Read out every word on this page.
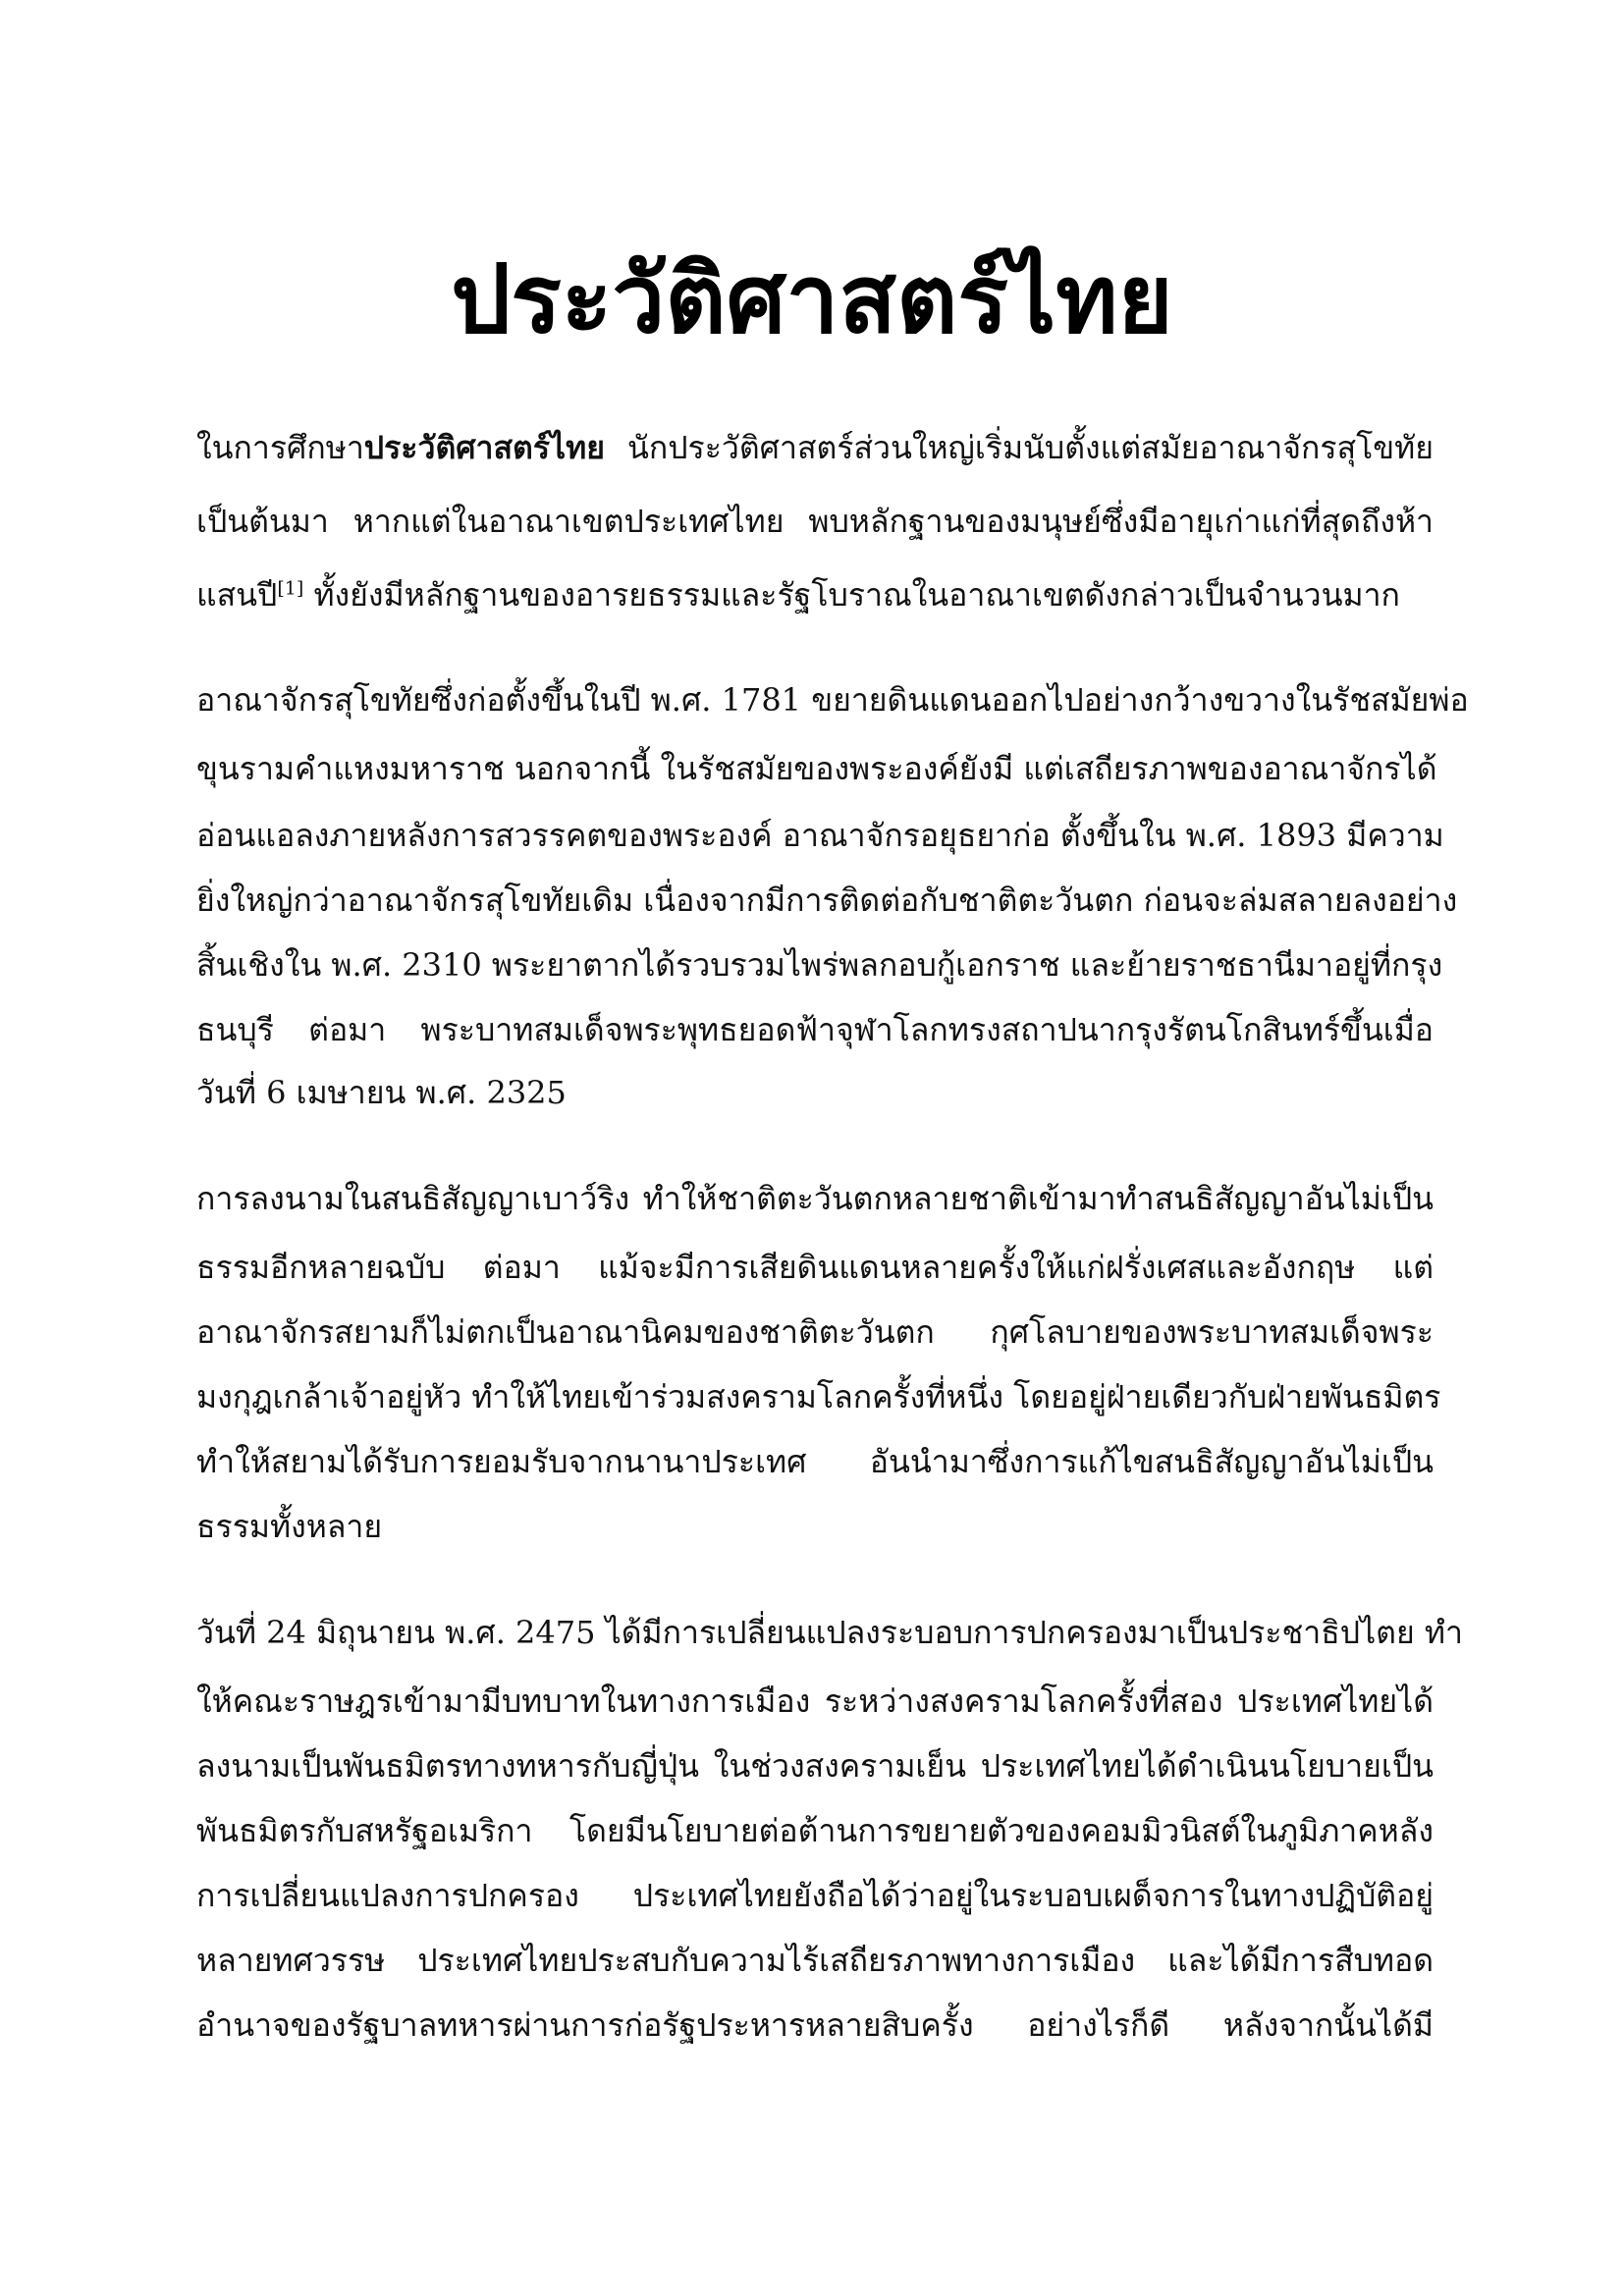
ประวัติศาสตร์ไทย
ในการศึกษาประวัติศาสตร์ไทย นักประวัติศาสตร์ส่วนใหญ่เริ่มนับตั้งแต่สมัยอาณาจักรสุโขทัย
เป็นต้นมา หากแต่ในอาณาเขตประเทศไทย พบหลักฐานของมนุษย์ซึ่งมีอายุเก่าแก่ที่สุดถึงห้า
แสนปี[1] ทั้งยังมีหลักฐานของอารยธรรมและรัฐโบราณในอาณาเขตดังกล่าวเป็นจำนวนมาก
อาณาจักรสุโขทัยซึ่งก่อตั้งขึ้นในปี พ.ศ. 1781 ขยายดินแดนออกไปอย่างกว้างขวางในรัชสมัยพ่อ
ขุนรามคำแหงมหาราช นอกจากนี้ ในรัชสมัยของพระองค์ยังมี แต่เสถียรภาพของอาณาจักรได้
อ่อนแอลงภายหลังการสวรรคตของพระองค์ อาณาจักรอยุธยาก่อ ตั้งขึ้นใน พ.ศ. 1893 มีความ
ยิ่งใหญ่กว่าอาณาจักรสุโขทัยเดิม เนื่องจากมีการติดต่อกับชาติตะวันตก ก่อนจะล่มสลายลงอย่าง
สิ้นเชิงใน พ.ศ. 2310 พระยาตากได้รวบรวมไพร่พลกอบกู้เอกราช และย้ายราชธานีมาอยู่ที่กรุง
ธนบุรี ต่อมา พระบาทสมเด็จพระพุทธยอดฟ้าจุฬาโลกทรงสถาปนากรุงรัตนโกสินทร์ขึ้นเมื่อ
วันที่ 6 เมษายน พ.ศ. 2325
การลงนามในสนธิสัญญาเบาว์ริง ทำให้ชาติตะวันตกหลายชาติเข้ามาทำสนธิสัญญาอันไม่เป็น
ธรรมอีกหลายฉบับ ต่อมา แม้จะมีการเสียดินแดนหลายครั้งให้แก่ฝรั่งเศสและอังกฤษ แต่
อาณาจักรสยามก็ไม่ตกเป็นอาณานิคมของชาติตะวันตก กุศโลบายของพระบาทสมเด็จพระ
มงกุฎเกล้าเจ้าอยู่หัว ทำให้ไทยเข้าร่วมสงครามโลกครั้งที่หนึ่ง โดยอยู่ฝ่ายเดียวกับฝ่ายพันธมิตร
ทำให้สยามได้รับการยอมรับจากนานาประเทศ อันนำมาซึ่งการแก้ไขสนธิสัญญาอันไม่เป็น
ธรรมทั้งหลาย
วันที่ 24 มิถุนายน พ.ศ. 2475 ได้มีการเปลี่ยนแปลงระบอบการปกครองมาเป็นประชาธิปไตย ทำ
ให้คณะราษฎรเข้ามามีบทบาทในทางการเมือง ระหว่างสงครามโลกครั้งที่สอง ประเทศไทยได้
ลงนามเป็นพันธมิตรทางทหารกับญี่ปุ่น ในช่วงสงครามเย็น ประเทศไทยได้ดำเนินนโยบายเป็น
พันธมิตรกับสหรัฐอเมริกา โดยมีนโยบายต่อต้านการขยายตัวของคอมมิวนิสต์ในภูมิภาคหลัง
การเปลี่ยนแปลงการปกครอง ประเทศไทยยังถือได้ว่าอยู่ในระบอบเผด็จการในทางปฏิบัติอยู่
หลายทศวรรษ ประเทศไทยประสบกับความไร้เสถียรภาพทางการเมือง และได้มีการสืบทอด
อำนาจของรัฐบาลทหารผ่านการก่อรัฐประหารหลายสิบครั้ง อย่างไรก็ดี หลังจากนั้นได้มี
